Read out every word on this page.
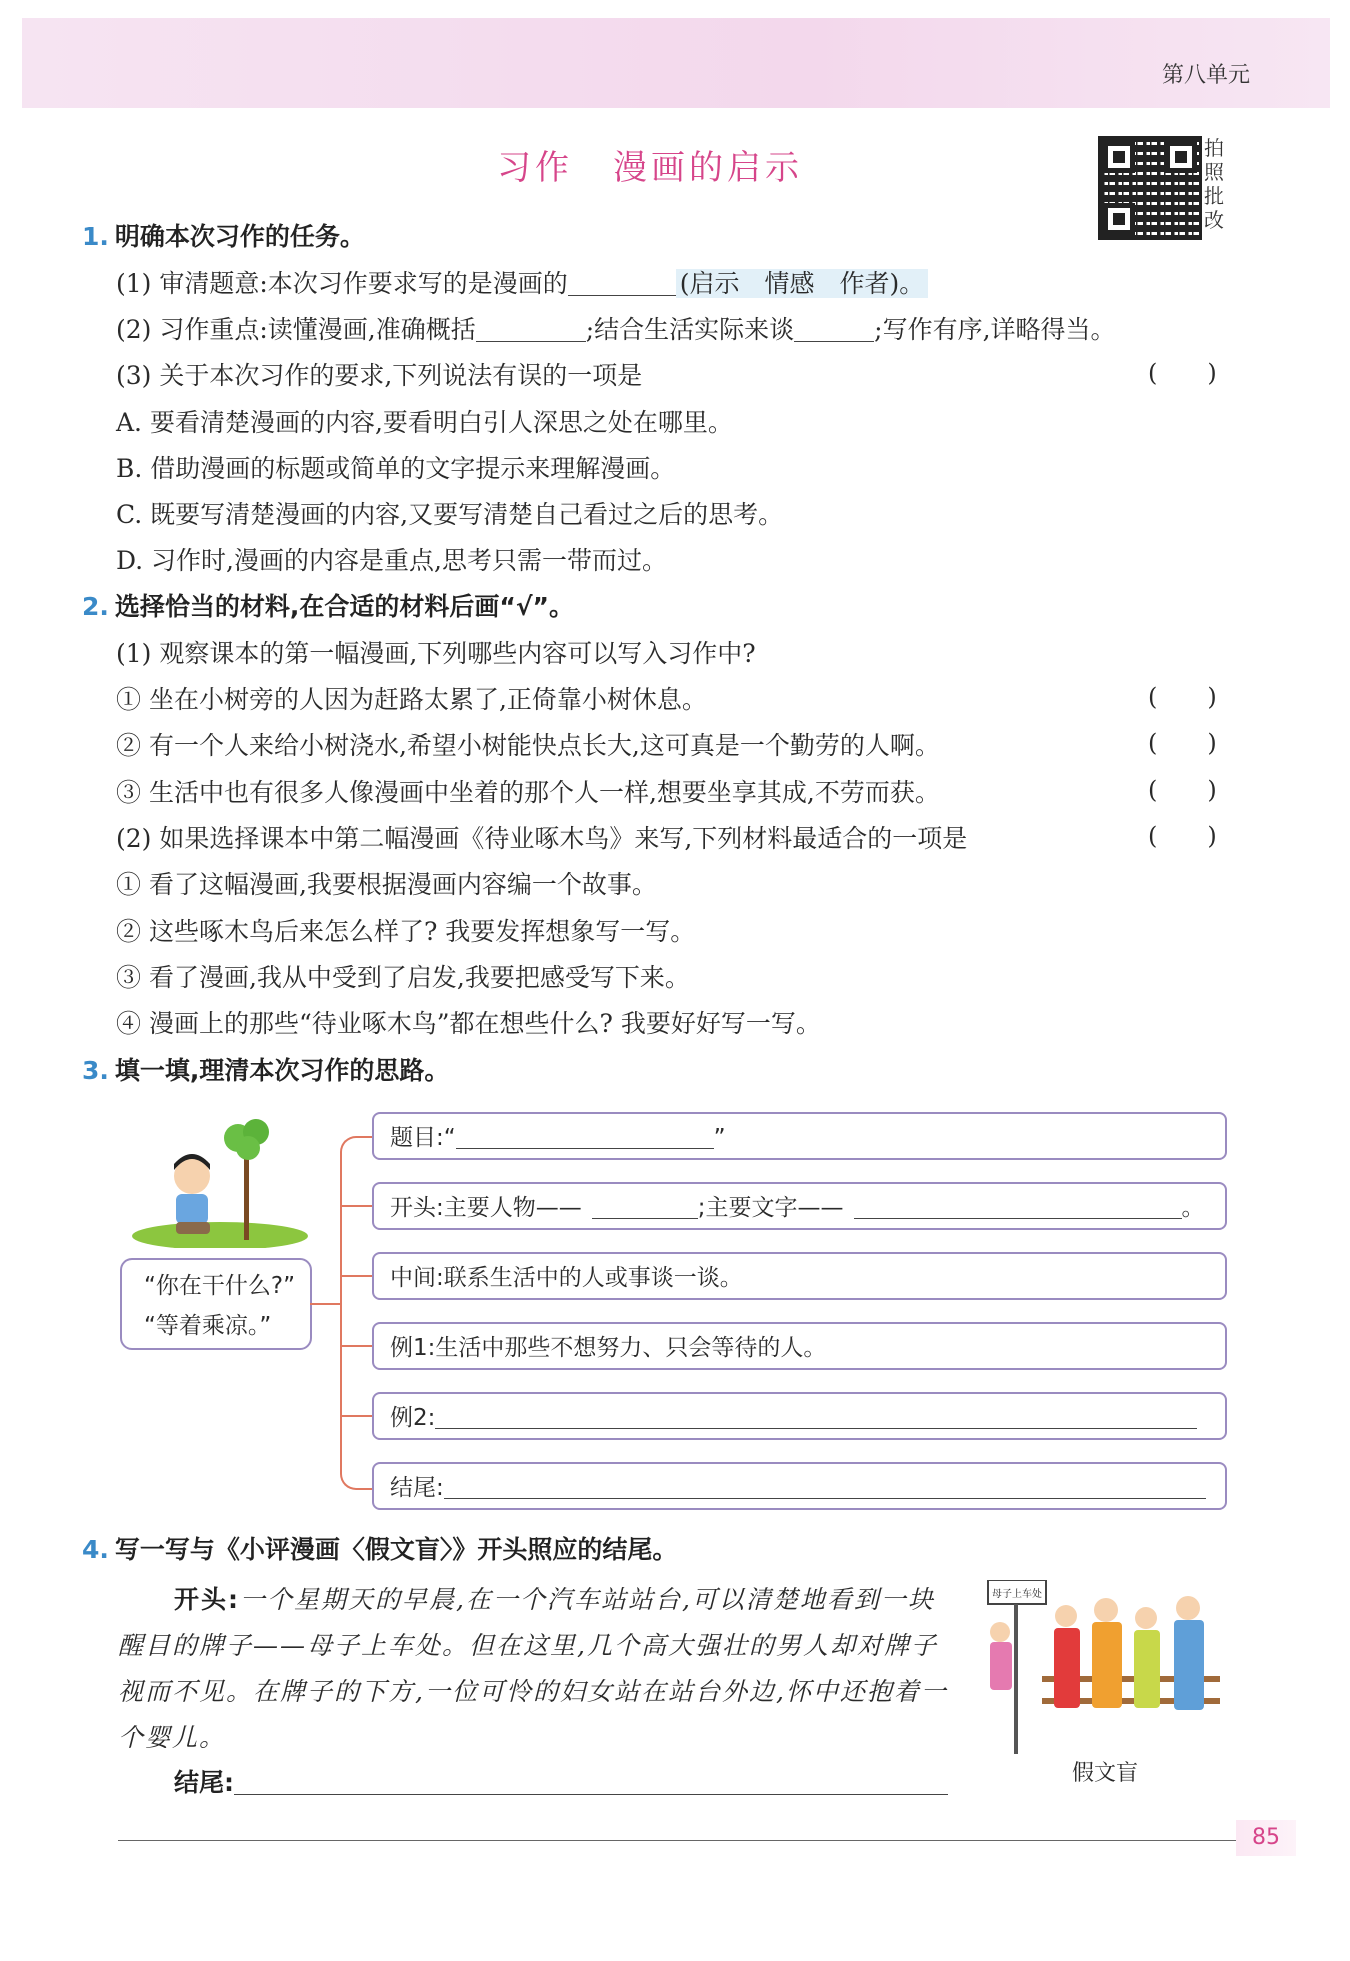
第八单元
习作 漫画的启示	拍
照
批
改
1. 明确本次习作的任务。
(1) 审清题意:本次习作要求写的是漫画的	(启示　情感　作者)。
(2) 习作重点:读懂漫画,准确概括	;结合生活实际来谈	;写作有序,详略得当。
(3) 关于本次习作的要求,下列说法有误的一项是	( )
A. 要看清楚漫画的内容,要看明白引人深思之处在哪里。
B. 借助漫画的标题或简单的文字提示来理解漫画。
C. 既要写清楚漫画的内容,又要写清楚自己看过之后的思考。
D. 习作时,漫画的内容是重点,思考只需一带而过。
2. 选择恰当的材料,在合适的材料后画“√”。
(1) 观察课本的第一幅漫画,下列哪些内容可以写入习作中?
① 坐在小树旁的人因为赶路太累了,正倚靠小树休息。	( )
② 有一个人来给小树浇水,希望小树能快点长大,这可真是一个勤劳的人啊。	( )
③ 生活中也有很多人像漫画中坐着的那个人一样,想要坐享其成,不劳而获。	( )
(2) 如果选择课本中第二幅漫画《待业啄木鸟》来写,下列材料最适合的一项是	( )
① 看了这幅漫画,我要根据漫画内容编一个故事。
② 这些啄木鸟后来怎么样了? 我要发挥想象写一写。
③ 看了漫画,我从中受到了启发,我要把感受写下来。
④ 漫画上的那些“待业啄木鸟”都在想些什么? 我要好好写一写。
3. 填一填,理清本次习作的思路。
“你在干什么?”
“等着乘凉。”
题目:“	”
开头:主要人物——	;主要文字——	。
中间:联系生活中的人或事谈一谈。
例1:生活中那些不想努力、只会等待的人。
例2:
结尾:
4. 写一写与《小评漫画〈假文盲〉》开头照应的结尾。
开头:一个星期天的早晨,在一个汽车站站台,可以清楚地看到一块醒目的牌子——母子上车处。但在这里,几个高大强壮的男人却对牌子视而不见。在牌子的下方,一位可怜的妇女站在站台外边,怀中还抱着一个婴儿。
结尾:
母子上车处
假文盲
85
